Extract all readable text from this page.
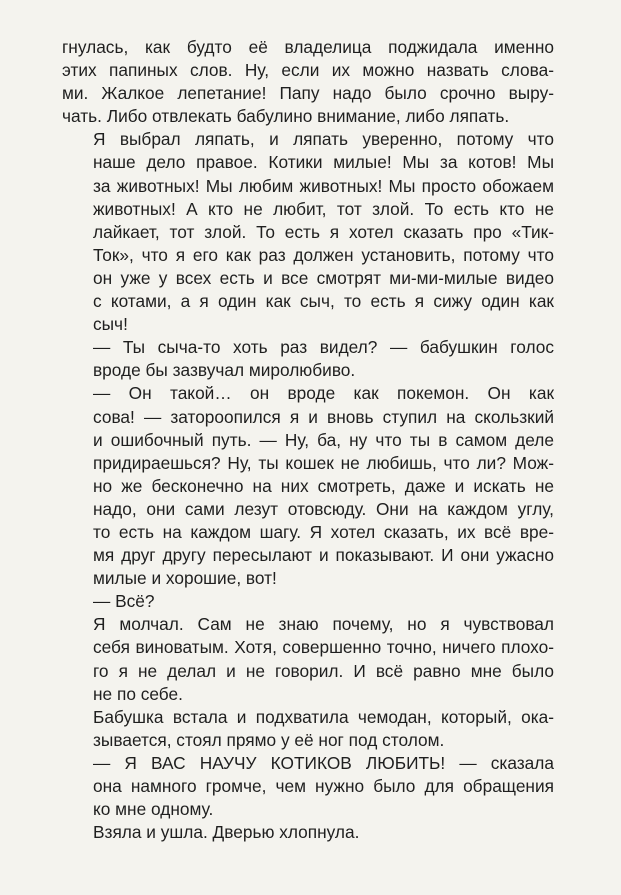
гнулась, как будто её владелица поджидала именно
этих папиных слов. Ну, если их можно назвать слова-
ми. Жалкое лепетание! Папу надо было срочно выру-
чать. Либо отвлекать бабулино внимание, либо ляпать.
Я выбрал ляпать, и ляпать уверенно, потому что
наше дело правое. Котики милые! Мы за котов! Мы
за животных! Мы любим животных! Мы просто обожаем
животных! А кто не любит, тот злой. То есть кто не
лайкает, тот злой. То есть я хотел сказать про «Тик-
Ток», что я его как раз должен установить, потому что
он уже у всех есть и все смотрят ми-ми-милые видео
с котами, а я один как сыч, то есть я сижу один как
сыч!
— Ты сыча-то хоть раз видел? — бабушкин голос
вроде бы зазвучал миролюбиво.
— Он такой… он вроде как покемон. Он как
сова! — затороопился я и вновь ступил на скользкий
и ошибочный путь. — Ну, ба, ну что ты в самом деле
придираешься? Ну, ты кошек не любишь, что ли? Мож-
но же бесконечно на них смотреть, даже и искать не
надо, они сами лезут отовсюду. Они на каждом углу,
то есть на каждом шагу. Я хотел сказать, их всё вре-
мя друг другу пересылают и показывают. И они ужасно
милые и хорошие, вот!
— Всё?
Я молчал. Сам не знаю почему, но я чувствовал
себя виноватым. Хотя, совершенно точно, ничего плохо-
го я не делал и не говорил. И всё равно мне было
не по себе.
Бабушка встала и подхватила чемодан, который, ока-
зывается, стоял прямо у её ног под столом.
— Я ВАС НАУЧУ КОТИКОВ ЛЮБИТЬ! — сказала
она намного громче, чем нужно было для обращения
ко мне одному.
Взяла и ушла. Дверью хлопнула.
